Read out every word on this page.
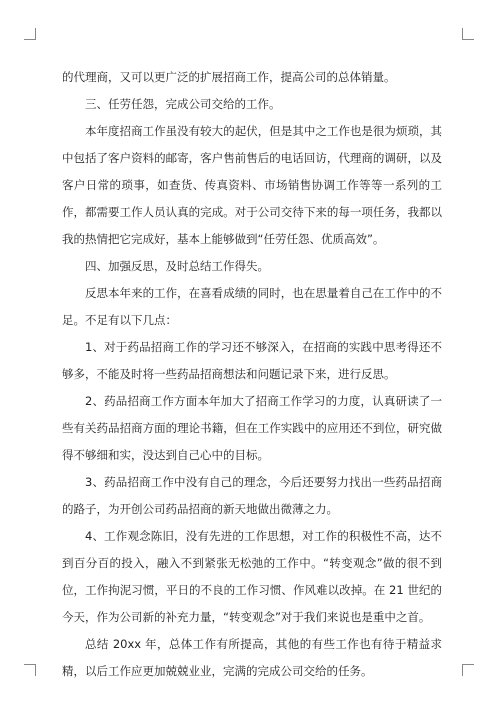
的代理商，又可以更广泛的扩展招商工作，提高公司的总体销量。

三、任劳任怨，完成公司交给的工作。

本年度招商工作虽没有较大的起伏，但是其中之工作也是很为烦琐，其中包括了客户资料的邮寄，客户售前售后的电话回访，代理商的调研，以及客户日常的琐事，如查货、传真资料、市场销售协调工作等等一系列的工作，都需要工作人员认真的完成。对于公司交待下来的每一项任务，我都以我的热情把它完成好，基本上能够做到“任劳任怨、优质高效”。

四、加强反思，及时总结工作得失。

反思本年来的工作，在喜看成绩的同时，也在思量着自己在工作中的不足。不足有以下几点：

1、对于药品招商工作的学习还不够深入，在招商的实践中思考得还不够多，不能及时将一些药品招商想法和问题记录下来，进行反思。

2、药品招商工作方面本年加大了招商工作学习的力度，认真研读了一些有关药品招商方面的理论书籍，但在工作实践中的应用还不到位，研究做得不够细和实，没达到自己心中的目标。

3、药品招商工作中没有自己的理念，今后还要努力找出一些药品招商的路子，为开创公司药品招商的新天地做出微薄之力。

4、工作观念陈旧，没有先进的工作思想，对工作的积极性不高，达不到百分百的投入，融入不到紧张无松弛的工作中。“转变观念”做的很不到位，工作拘泥习惯，平日的不良的工作习惯、作风难以改掉。在 21 世纪的今天，作为公司新的补充力量，“转变观念”对于我们来说也是重中之首。

总结 20xx 年，总体工作有所提高，其他的有些工作也有待于精益求精，以后工作应更加兢兢业业，完满的完成公司交给的任务。
